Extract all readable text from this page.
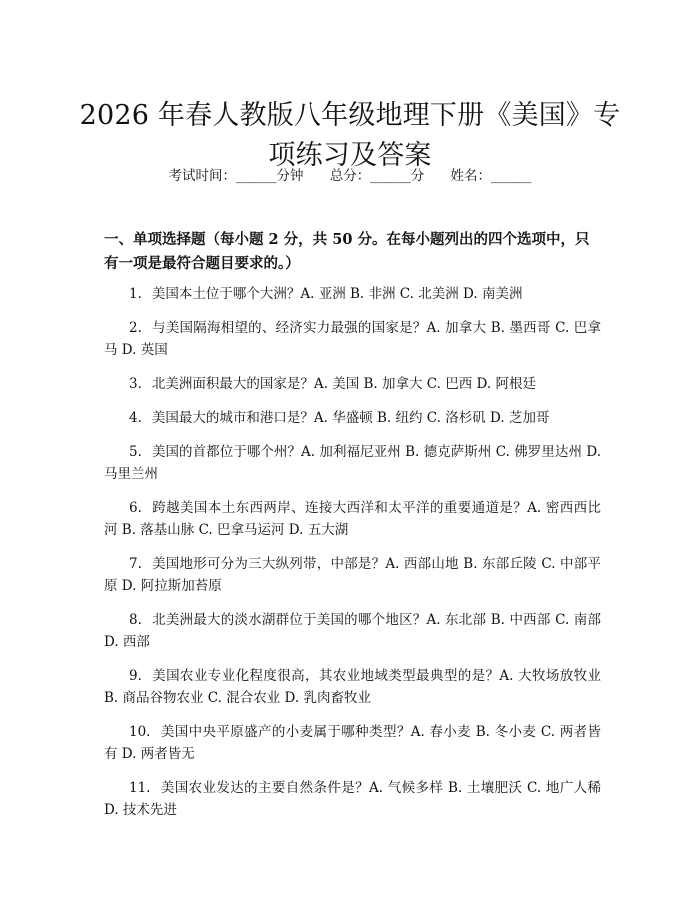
2026 年春人教版八年级地理下册《美国》专项练习及答案
考试时间：______分钟 总分：______分 姓名：______
一、单项选择题（每小题 2 分，共 50 分。在每小题列出的四个选项中，只有一项是最符合题目要求的。）
1. 美国本土位于哪个大洲？A. 亚洲 B. 非洲 C. 北美洲 D. 南美洲
2. 与美国隔海相望的、经济实力最强的国家是？A. 加拿大 B. 墨西哥 C. 巴拿马 D. 英国
3. 北美洲面积最大的国家是？A. 美国 B. 加拿大 C. 巴西 D. 阿根廷
4. 美国最大的城市和港口是？A. 华盛顿 B. 纽约 C. 洛杉矶 D. 芝加哥
5. 美国的首都位于哪个州？A. 加利福尼亚州 B. 德克萨斯州 C. 佛罗里达州 D. 马里兰州
6. 跨越美国本土东西两岸、连接大西洋和太平洋的重要通道是？A. 密西西比河 B. 落基山脉 C. 巴拿马运河 D. 五大湖
7. 美国地形可分为三大纵列带，中部是？A. 西部山地 B. 东部丘陵 C. 中部平原 D. 阿拉斯加苔原
8. 北美洲最大的淡水湖群位于美国的哪个地区？A. 东北部 B. 中西部 C. 南部 D. 西部
9. 美国农业专业化程度很高，其农业地域类型最典型的是？A. 大牧场放牧业 B. 商品谷物农业 C. 混合农业 D. 乳肉畜牧业
10. 美国中央平原盛产的小麦属于哪种类型？A. 春小麦 B. 冬小麦 C. 两者皆有 D. 两者皆无
11. 美国农业发达的主要自然条件是？A. 气候多样 B. 土壤肥沃 C. 地广人稀 D. 技术先进
